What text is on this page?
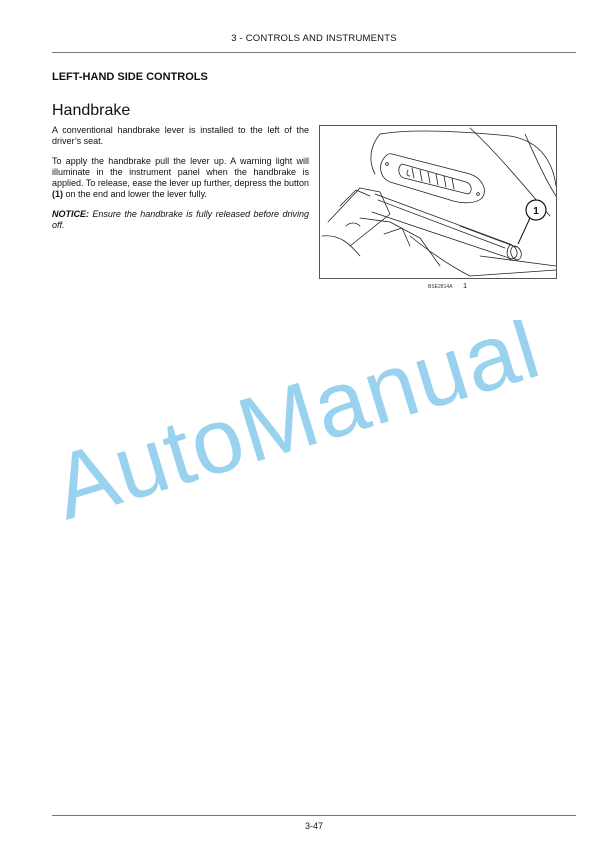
3 - CONTROLS AND INSTRUMENTS
LEFT-HAND SIDE CONTROLS
Handbrake

A conventional handbrake lever is installed to the left of the driver’s seat.

To apply the handbrake pull the lever up. A warning light will illuminate in the instrument panel when the handbrake is applied. To release, ease the lever up further, depress the button (1) on the end and lower the lever fully.

NOTICE: Ensure the handbrake is fully released before driving off.

1
BSE2814A 1
AutoManual
3-47
